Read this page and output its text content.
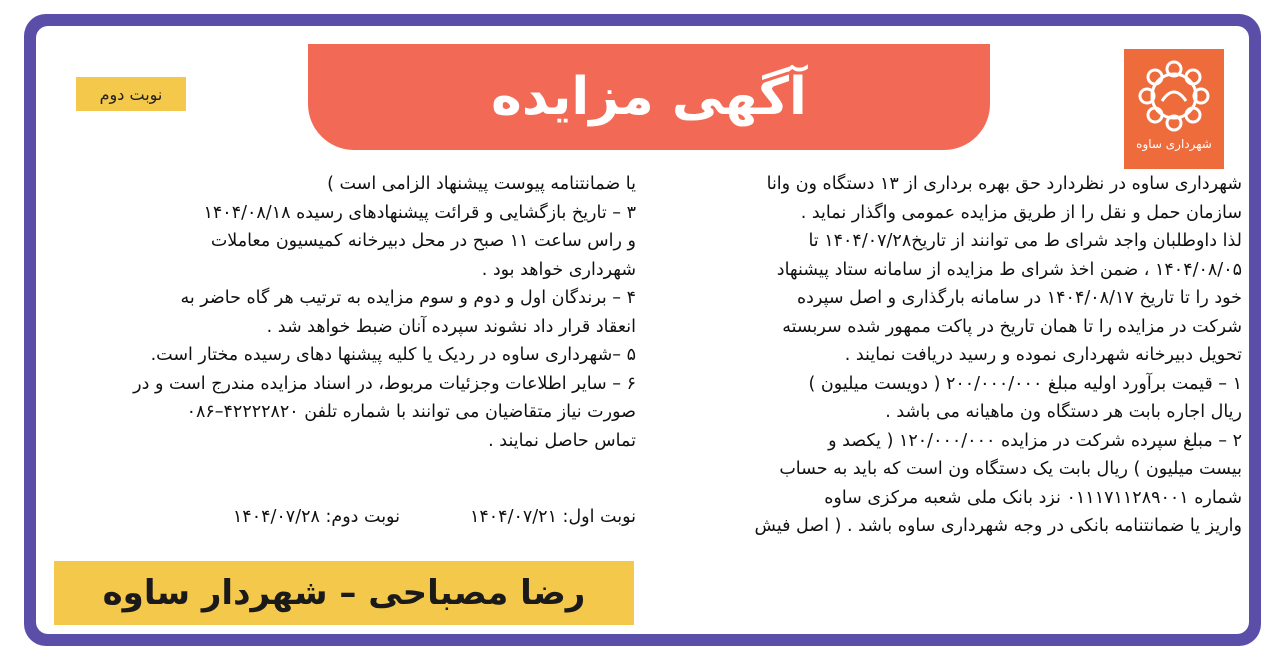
شهرداری ساوه
آگهی مزایده
نوبت دوم

شهرداری ساوه در نظردارد حق بهره برداری از ۱۳ دستگاه ون وانا

سازمان حمل و نقل را از طریق مزایده عمومی واگذار نماید .

لذا داوطلبان واجد شرای ط می توانند از تاریخ۱۴۰۴/۰۷/۲۸ تا

۱۴۰۴/۰۸/۰۵ ، ضمن اخذ شرای ط مزایده از سامانه ستاد پیشنهاد

خود را تا تاریخ ۱۴۰۴/۰۸/۱۷ در سامانه بارگذاری و اصل سپرده

شرکت در مزایده را تا همان تاریخ در پاکت ممهور شده سربسته

تحویل دبیرخانه شهرداری نموده و رسید دریافت نمایند .

۱ – قیمت برآورد اولیه مبلغ ۲۰۰/۰۰۰/۰۰۰ ( دویست میلیون )

ریال اجاره بابت هر دستگاه ون ماهیانه می باشد .

۲ – مبلغ سپرده شرکت در مزایده ۱۲۰/۰۰۰/۰۰۰ ( یکصد و

بیست میلیون ) ریال بابت یک دستگاه ون است که باید به حساب

شماره ۰۱۱۱۷۱۱۲۸۹۰۰۱ نزد بانک ملی شعبه مرکزی ساوه

واریز یا ضمانتنامه بانکی در وجه شهرداری ساوه باشد . ( اصل فیش

یا ضمانتنامه پیوست پیشنهاد الزامی است )

۳ – تاریخ بازگشایی و قرائت پیشنهادهای رسیده ۱۴۰۴/۰۸/۱۸

و راس ساعت ۱۱ صبح در محل دبیرخانه کمیسیون معاملات

شهرداری خواهد بود .

۴ – برندگان اول و دوم و سوم مزایده به ترتیب هر گاه حاضر به

انعقاد قرار داد نشوند سپرده آنان ضبط خواهد شد .

۵ –شهرداری ساوه در ردیک یا کلیه پیشنها دهای رسیده مختار است.

۶ – سایر اطلاعات وجزئیات مربوط، در اسناد مزایده مندرج است و در

صورت نیاز متقاضیان می توانند با شماره تلفن ۴۲۲۲۲۸۲۰–۰۸۶

تماس حاصل نمایند .

نوبت اول: ۱۴۰۴/۰۷/۲۱
نوبت دوم: ۱۴۰۴/۰۷/۲۸
رضا مصباحی – شهردار ساوه
